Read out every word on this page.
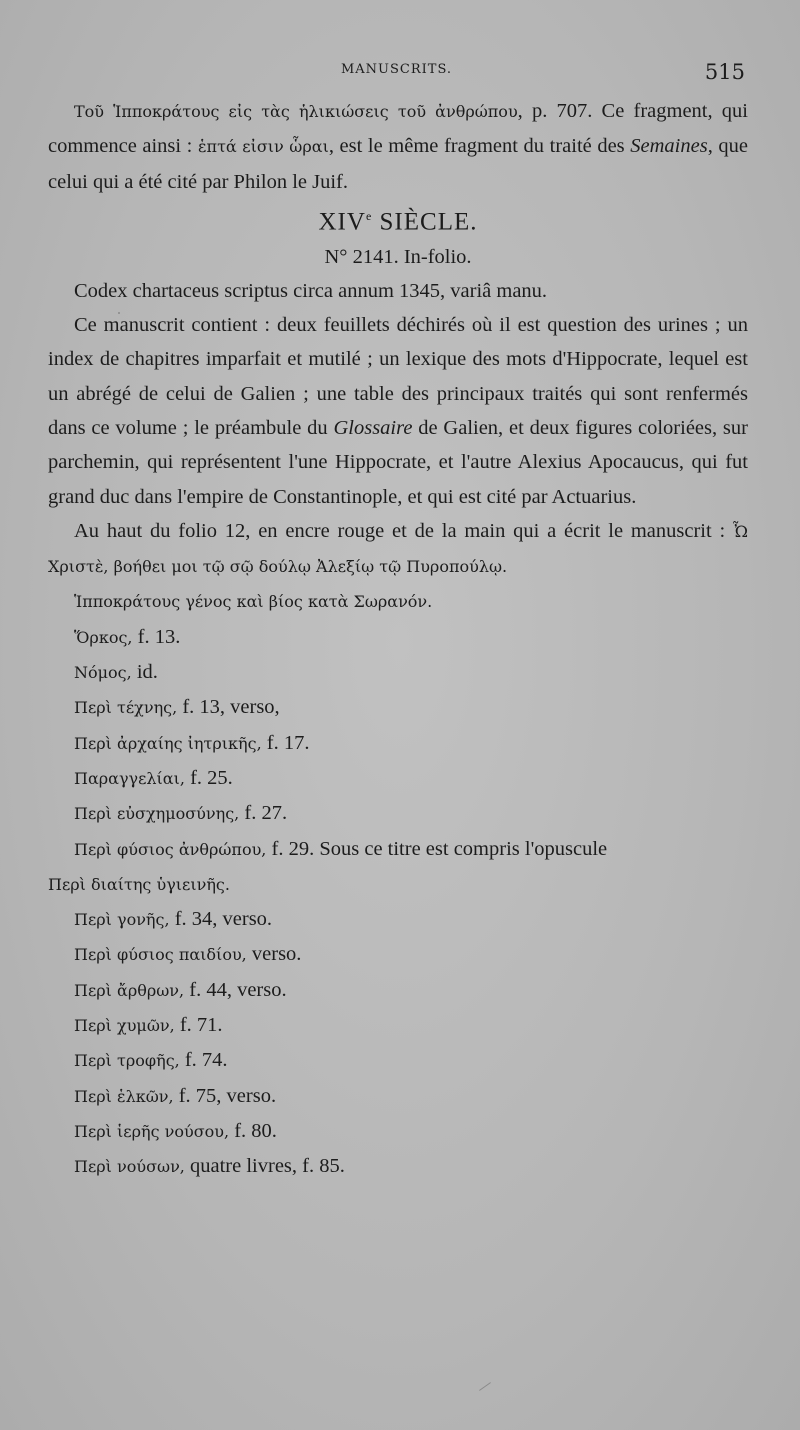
MANUSCRITS.	515

Τοῦ Ἱπποκράτους εἰς τὰς ἡλικιώσεις τοῦ ἀνθρώπου, p. 707. Ce fragment, qui commence ainsi : ἑπτά εἰσιν ὧραι, est le même fragment du traité des Semaines, que celui qui a été cité par Philon le Juif.

XIVe SIÈCLE.

N° 2141. In-folio.

Codex chartaceus scriptus circa annum 1345, variâ manu.

Ce manuscrit contient : deux feuillets déchirés où il est question des urines ; un index de chapitres imparfait et mutilé ; un lexique des mots d'Hippocrate, lequel est un abrégé de celui de Galien ; une table des principaux traités qui sont renfermés dans ce volume ; le préambule du Glossaire de Galien, et deux figures coloriées, sur parchemin, qui représentent l'une Hippocrate, et l'autre Alexius Apocaucus, qui fut grand duc dans l'empire de Constantinople, et qui est cité par Actuarius.

Au haut du folio 12, en encre rouge et de la main qui a écrit le manuscrit : Ὦ Χριστὲ, βοήθει μοι τῷ σῷ δούλῳ Ἀλεξίῳ τῷ Πυροπούλῳ.

Ἱπποκράτους γένος καὶ βίος κατὰ Σωρανόν.
Ὅρκος, f. 13.
Νόμος, id.
Περὶ τέχνης, f. 13, verso,
Περὶ ἀρχαίης ἰητρικῆς, f. 17.
Παραγγελίαι, f. 25.
Περὶ εὐσχημοσύνης, f. 27.
Περὶ φύσιος ἀνθρώπου, f. 29. Sous ce titre est compris l'opuscule
Περὶ διαίτης ὑγιεινῆς.
Περὶ γονῆς, f. 34, verso.
Περὶ φύσιος παιδίου, verso.
Περὶ ἄρθρων, f. 44, verso.
Περὶ χυμῶν, f. 71.
Περὶ τροφῆς, f. 74.
Περὶ ἑλκῶν, f. 75, verso.
Περὶ ἱερῆς νούσου, f. 80.
Περὶ νούσων, quatre livres, f. 85.
